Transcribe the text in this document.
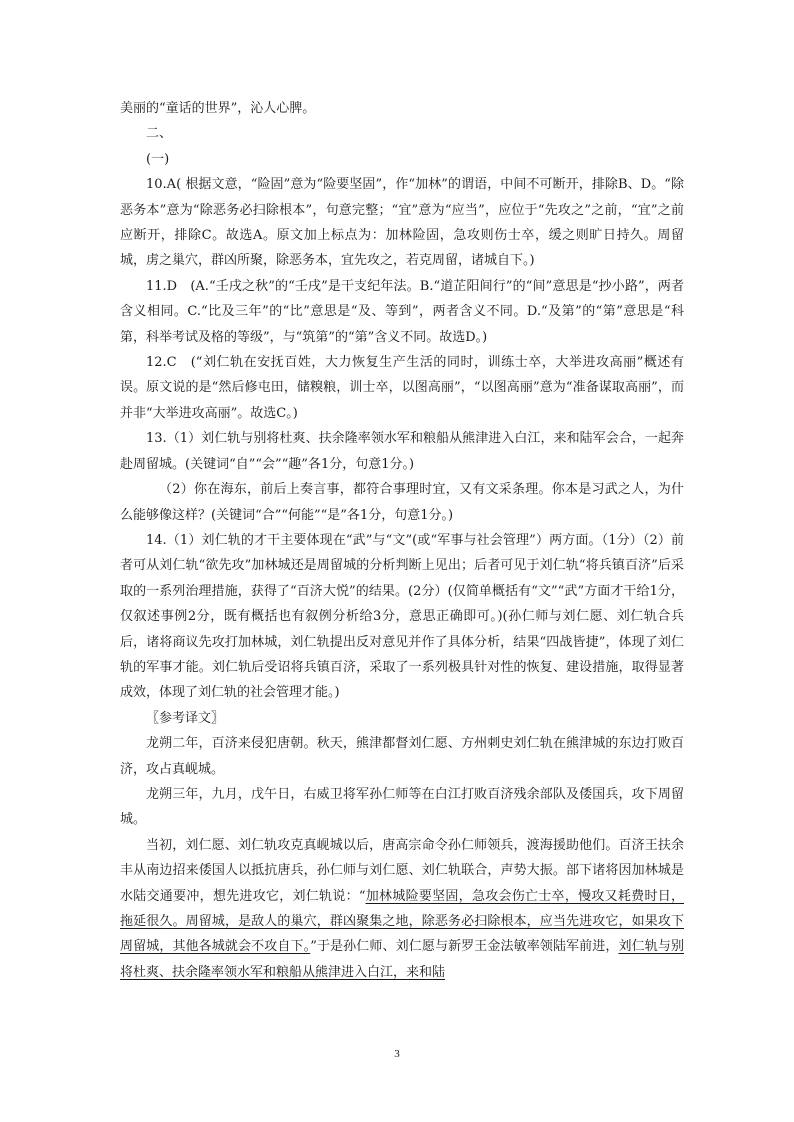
美丽的“童话的世界”，沁人心脾。

二、

(一)

10.A( 根据文意，“险固”意为“险要坚固”，作“加林”的谓语，中间不可断开，排除B、D。“除恶务本”意为“除恶务必扫除根本”，句意完整；“宜”意为“应当”，应位于“先攻之”之前，“宜”之前应断开，排除C。故选A。原文加上标点为：加林险固，急攻则伤士卒，缓之则旷日持久。周留城，虏之巢穴，群凶所聚，除恶务本，宜先攻之，若克周留，诸城自下。)

11.D　(A.“壬戌之秋”的“壬戌”是干支纪年法。B.“道芷阳间行”的“间”意思是“抄小路”，两者含义相同。C.“比及三年”的“比”意思是“及、等到”，两者含义不同。D.“及第”的“第”意思是“科第，科举考试及格的等级”，与“筑第”的“第”含义不同。故选D。)

12.C　(“刘仁轨在安抚百姓，大力恢复生产生活的同时，训练士卒，大举进攻高丽”概述有误。原文说的是“然后修屯田，储糗粮，训士卒，以图高丽”，“以图高丽”意为“准备谋取高丽”，而并非“大举进攻高丽”。故选C。)

13.（1）刘仁轨与别将杜爽、扶余隆率领水军和粮船从熊津进入白江，来和陆军会合，一起奔赴周留城。(关键词“自”“会”“趣”各1分，句意1分。)

（2）你在海东，前后上奏言事，都符合事理时宜，又有文采条理。你本是习武之人，为什么能够像这样？(关键词“合”“何能”“是”各1分，句意1分。)

14.（1）刘仁轨的才干主要体现在“武”与“文”(或“军事与社会管理”）两方面。（1分）（2）前者可从刘仁轨“欲先攻”加林城还是周留城的分析判断上见出；后者可见于刘仁轨“将兵镇百济”后采取的一系列治理措施，获得了“百济大悦”的结果。(2分）(仅简单概括有“文”“武”方面才干给1分，仅叙述事例2分，既有概括也有叙例分析给3分，意思正确即可。)(孙仁师与刘仁愿、刘仁轨合兵后，诸将商议先攻打加林城，刘仁轨提出反对意见并作了具体分析，结果“四战皆捷”，体现了刘仁轨的军事才能。刘仁轨后受诏将兵镇百济，采取了一系列极具针对性的恢复、建设措施，取得显著成效，体现了刘仁轨的社会管理才能。)

〖参考译文〗

龙朔二年，百济来侵犯唐朝。秋天，熊津都督刘仁愿、方州刺史刘仁轨在熊津城的东边打败百济，攻占真岘城。

龙朔三年，九月，戊午日，右威卫将军孙仁师等在白江打败百济残余部队及倭国兵，攻下周留城。

当初，刘仁愿、刘仁轨攻克真岘城以后，唐高宗命令孙仁师领兵，渡海援助他们。百济王扶余丰从南边招来倭国人以抵抗唐兵，孙仁师与刘仁愿、刘仁轨联合，声势大振。部下诸将因加林城是水陆交通要冲，想先进攻它，刘仁轨说：“加林城险要坚固，急攻会伤亡士卒，慢攻又耗费时日，拖延很久。周留城，是敌人的巢穴，群凶聚集之地，除恶务必扫除根本，应当先进攻它，如果攻下周留城，其他各城就会不攻自下。”于是孙仁师、刘仁愿与新罗王金法敏率领陆军前进，刘仁轨与别将杜爽、扶余隆率领水军和粮船从熊津进入白江，来和陆

3
